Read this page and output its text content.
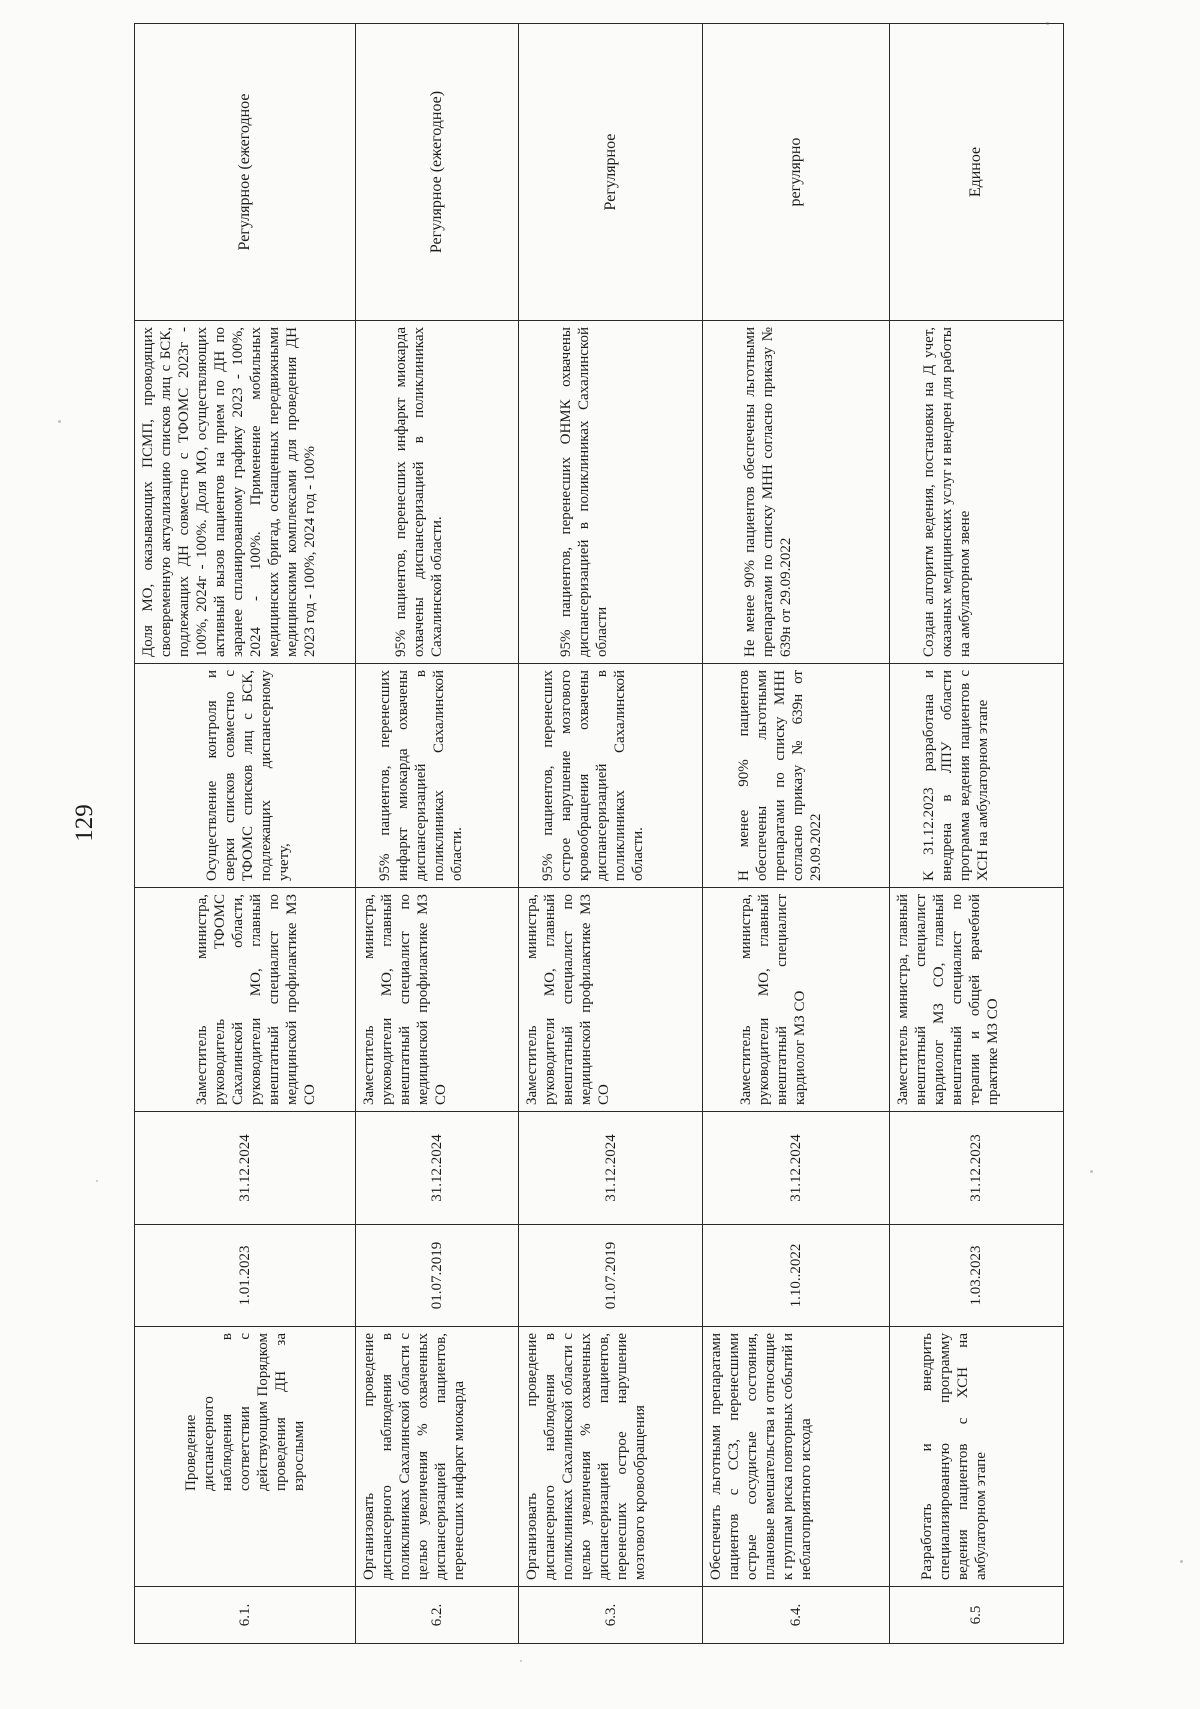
129
6.1.	Проведение диспансерного наблюдения в соответствии с действующим Порядком проведения ДН за взрослыми	1.01.2023	31.12.2024	Заместитель министра, руководитель ТФОМС Сахалинской области, руководители МО, главный внештатный специалист по медицинской профилактике МЗ СО	Осуществление контроля и сверки списков совместно с ТФОМС списков лиц с БСК, подлежащих диспансерному учету,	Доля МО, оказывающих ПСМП, проводящих своевременную актуализацию списков лиц с БСК, подлежащих ДН совместно с ТФОМС 2023г - 100%, 2024г - 100%. Доля МО, осуществляющих активный вызов пациентов на прием по ДН по заранее спланированному графику 2023 - 100%, 2024 - 100%. Применение мобильных медицинских бригад, оснащенных передвижными медицинскими комплексами для проведения ДН 2023 год - 100%, 2024 год - 100%	Регулярное (ежегодное
6.2.	Организовать проведение диспансерного наблюдения в поликлиниках Сахалинской области с целью увеличения % охваченных диспансеризацией пациентов, перенесших инфаркт миокарда	01.07.2019	31.12.2024	Заместитель министра, руководители МО, главный внештатный специалист по медицинской профилактике МЗ СО	95% пациентов, перенесших инфаркт миокарда охвачены диспансеризацией в поликлиниках Сахалинской области.	95% пациентов, перенесших инфаркт миокарда охвачены диспансеризацией в поликлиниках Сахалинской области.	Регулярное (ежегодное)
6.3.	Организовать проведение диспансерного наблюдения в поликлиниках Сахалинской области с целью увеличения % охваченных диспансеризацией пациентов, перенесших острое нарушение мозгового кровообращения	01.07.2019	31.12.2024	Заместитель министра, руководители МО, главный внештатный специалист по медицинской профилактике МЗ СО	95% пациентов, перенесших острое нарушение мозгового кровообращения охвачены диспансеризацией в поликлиниках Сахалинской области.	95% пациентов, перенесших ОНМК охвачены диспансеризацией в поликлиниках Сахалинской области	Регулярное
6.4.	Обеспечить льготными препаратами пациентов с ССЗ, перенесшими острые сосудистые состояния, плановые вмешательства и относящие к группам риска повторных событий и неблагоприятного исхода	1.10..2022	31.12.2024	Заместитель министра, руководители МО, главный внештатный специалист кардиолог МЗ СО	Н менее 90% пациентов обеспечены льготными препаратами по списку МНН согласно приказу № 639н от 29.09.2022	Не менее 90% пациентов обеспечены льготными препаратами по списку МНН согласно приказу № 639н от 29.09.2022	регулярно
6.5	Разработать и внедрить специализированную программу ведения пациентов с ХСН на амбулаторном этапе	1.03.2023	31.12.2023	Заместитель министра, главный внештатный специалист кардиолог МЗ СО, главный внештатный специалист по терапии и общей врачебной практике МЗ СО	К 31.12.2023 разработана и внедрена в ЛПУ области программа ведения пациентов с ХСН на амбулаторном этапе	Создан алгоритм ведения, постановки на Д учет, оказаных медицинских услуг и внедрен для работы на амбулаторном звене	Единое
